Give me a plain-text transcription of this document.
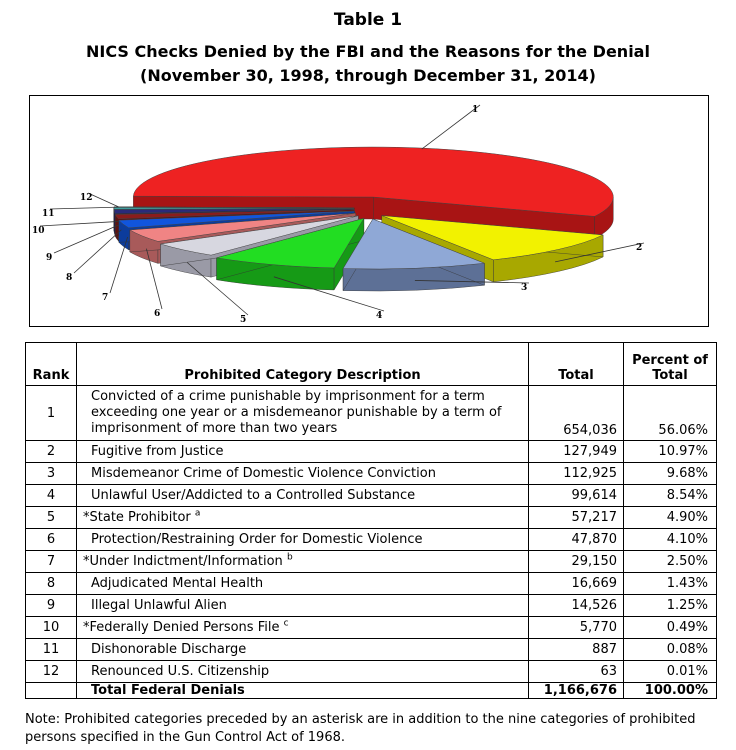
Table 1
NICS Checks Denied by the FBI and the Reasons for the Denial
(November 30, 1998, through December 31, 2014)
1
2
3
4
5
6
7
8
9
10
11
12
Rank	Prohibited Category Description	Total	Percent of Total
1	Convicted of a crime punishable by imprisonment for a term exceeding one year or a misdemeanor punishable by a term of imprisonment of more than two years	654,036	56.06%
2	Fugitive from Justice	127,949	10.97%
3	Misdemeanor Crime of Domestic Violence Conviction	112,925	9.68%
4	Unlawful User/Addicted to a Controlled Substance	99,614	8.54%
5	*State Prohibitor $^a$	57,217	4.90%
6	Protection/Restraining Order for Domestic Violence	47,870	4.10%
7	*Under Indictment/Information $^b$	29,150	2.50%
8	Adjudicated Mental Health	16,669	1.43%
9	Illegal Unlawful Alien	14,526	1.25%
10	*Federally Denied Persons File $^c$	5,770	0.49%
11	Dishonorable Discharge	887	0.08%
12	Renounced U.S. Citizenship	63	0.01%
	Total Federal Denials	1,166,676	100.00%
Note: Prohibited categories preceded by an asterisk are in addition to the nine categories of prohibited persons specified in the Gun Control Act of 1968.
